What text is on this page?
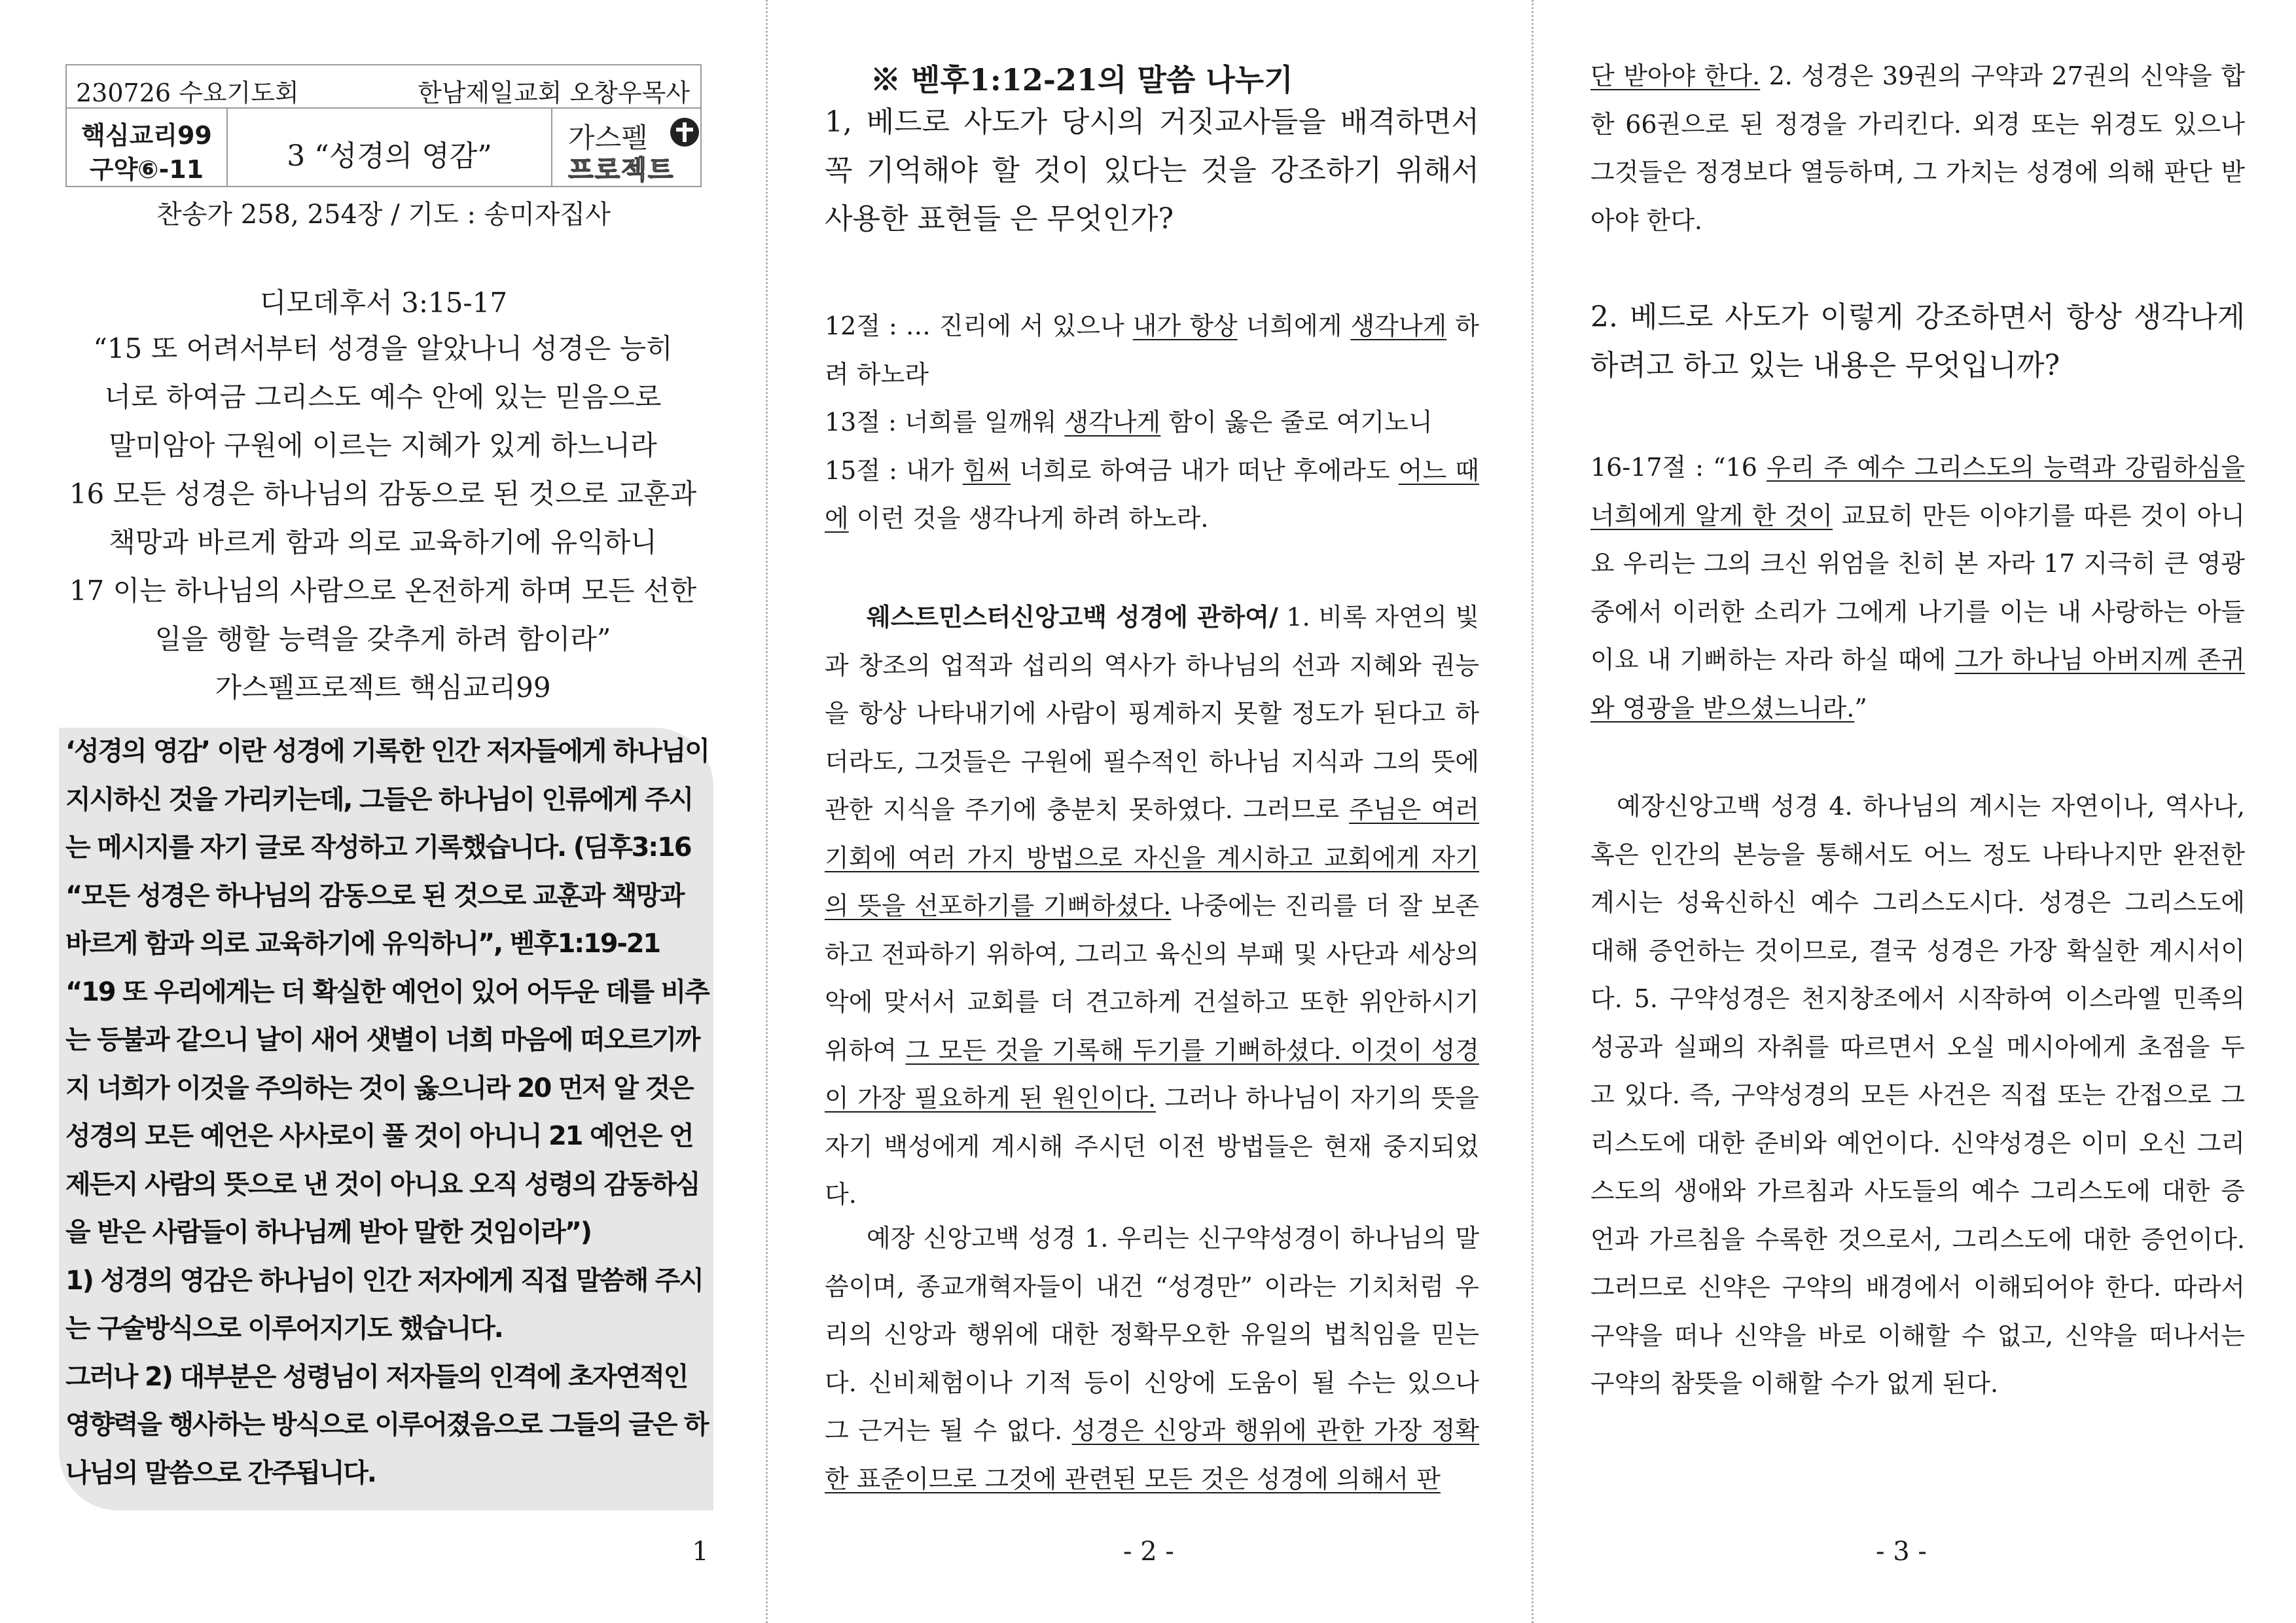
230726 수요기도회	한남제일교회 오창우목사
핵심교리99
구약⑥-11	3 “성경의 영감”
가스펠
프로젝트

찬송가 258, 254장 / 기도 : 송미자집사

디모데후서 3:15-17

“15 또 어려서부터 성경을 알았나니 성경은 능히
너로 하여금 그리스도 예수 안에 있는 믿음으로
말미암아 구원에 이르는 지혜가 있게 하느니라
16 모든 성경은 하나님의 감동으로 된 것으로 교훈과
책망과 바르게 함과 의로 교육하기에 유익하니
17 이는 하나님의 사람으로 온전하게 하며 모든 선한
일을 행할 능력을 갖추게 하려 함이라”
가스펠프로젝트 핵심교리99

‘성경의 영감’ 이란 성경에 기록한 인간 저자들에게 하나님이 지시하신 것을 가리키는데, 그들은 하나님이 인류에게 주시는 메시지를 자기 글로 작성하고 기록했습니다. (딤후3:16 “모든 성경은 하나님의 감동으로 된 것으로 교훈과 책망과 바르게 함과 의로 교육하기에 유익하니”, 벧후1:19-21 “19 또 우리에게는 더 확실한 예언이 있어 어두운 데를 비추는 등불과 같으니 날이 새어 샛별이 너희 마음에 떠오르기까지 너희가 이것을 주의하는 것이 옳으니라 20 먼저 알 것은 성경의 모든 예언은 사사로이 풀 것이 아니니 21 예언은 언제든지 사람의 뜻으로 낸 것이 아니요 오직 성령의 감동하심을 받은 사람들이 하나님께 받아 말한 것임이라”)

1) 성경의 영감은 하나님이 인간 저자에게 직접 말씀해 주시는 구술방식으로 이루어지기도 했습니다.

그러나 2) 대부분은 성령님이 저자들의 인격에 초자연적인 영향력을 행사하는 방식으로 이루어졌음으로 그들의 글은 하나님의 말씀으로 간주됩니다.

1

※ 벧후1:12-21의 말씀 나누기

1, 베드로 사도가 당시의 거짓교사들을 배격하면서 꼭 기억해야 할 것이 있다는 것을 강조하기 위해서 사용한 표현들 은 무엇인가?

12절 : … 진리에 서 있으나 내가 항상 너희에게 생각나게 하려 하노라

13절 : 너희를 일깨워 생각나게 함이 옳은 줄로 여기노니

15절 : 내가 힘써 너희로 하여금 내가 떠난 후에라도 어느 때에 이런 것을 생각나게 하려 하노라.

웨스트민스터신앙고백 성경에 관하여/ 1. 비록 자연의 빛과 창조의 업적과 섭리의 역사가 하나님의 선과 지혜와 권능을 항상 나타내기에 사람이 핑계하지 못할 정도가 된다고 하더라도, 그것들은 구원에 필수적인 하나님 지식과 그의 뜻에 관한 지식을 주기에 충분치 못하였다. 그러므로 주님은 여러 기회에 여러 가지 방법으로 자신을 계시하고 교회에게 자기의 뜻을 선포하기를 기뻐하셨다. 나중에는 진리를 더 잘 보존하고 전파하기 위하여, 그리고 육신의 부패 및 사단과 세상의 악에 맞서서 교회를 더 견고하게 건설하고 또한 위안하시기 위하여 그 모든 것을 기록해 두기를 기뻐하셨다. 이것이 성경이 가장 필요하게 된 원인이다. 그러나 하나님이 자기의 뜻을 자기 백성에게 계시해 주시던 이전 방법들은 현재 중지되었다.

예장 신앙고백 성경 1. 우리는 신구약성경이 하나님의 말씀이며, 종교개혁자들이 내건 “성경만” 이라는 기치처럼 우리의 신앙과 행위에 대한 정확무오한 유일의 법칙임을 믿는다. 신비체험이나 기적 등이 신앙에 도움이 될 수는 있으나 그 근거는 될 수 없다. 성경은 신앙과 행위에 관한 가장 정확한 표준이므로 그것에 관련된 모든 것은 성경에 의해서 판

- 2 -

단 받아야 한다. 2. 성경은 39권의 구약과 27권의 신약을 합한 66권으로 된 정경을 가리킨다. 외경 또는 위경도 있으나 그것들은 정경보다 열등하며, 그 가치는 성경에 의해 판단 받아야 한다.

2. 베드로 사도가 이렇게 강조하면서 항상 생각나게 하려고 하고 있는 내용은 무엇입니까?

16-17절 : “16 우리 주 예수 그리스도의 능력과 강림하심을 너희에게 알게 한 것이 교묘히 만든 이야기를 따른 것이 아니요 우리는 그의 크신 위엄을 친히 본 자라 17 지극히 큰 영광중에서 이러한 소리가 그에게 나기를 이는 내 사랑하는 아들이요 내 기뻐하는 자라 하실 때에 그가 하나님 아버지께 존귀와 영광을 받으셨느니라.”

예장신앙고백 성경 4. 하나님의 계시는 자연이나, 역사나, 혹은 인간의 본능을 통해서도 어느 정도 나타나지만 완전한 계시는 성육신하신 예수 그리스도시다. 성경은 그리스도에 대해 증언하는 것이므로, 결국 성경은 가장 확실한 계시서이다. 5. 구약성경은 천지창조에서 시작하여 이스라엘 민족의 성공과 실패의 자취를 따르면서 오실 메시아에게 초점을 두고 있다. 즉, 구약성경의 모든 사건은 직접 또는 간접으로 그리스도에 대한 준비와 예언이다. 신약성경은 이미 오신 그리스도의 생애와 가르침과 사도들의 예수 그리스도에 대한 증언과 가르침을 수록한 것으로서, 그리스도에 대한 증언이다. 그러므로 신약은 구약의 배경에서 이해되어야 한다. 따라서 구약을 떠나 신약을 바로 이해할 수 없고, 신약을 떠나서는 구약의 참뜻을 이해할 수가 없게 된다.

- 3 -
